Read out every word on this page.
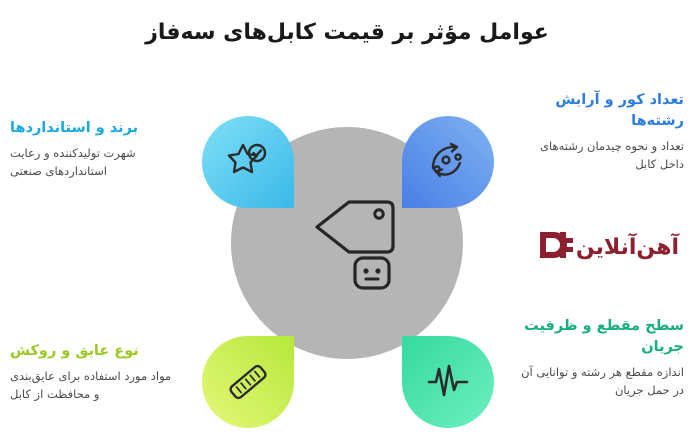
عوامل مؤثر بر قیمت کابل‌های سه‌فاز
تعداد کور و آرایش رشته‌ها
تعداد و نحوه چیدمان رشته‌های داخل کابل
سطح مقطع و ظرفیت جریان
اندازه مقطع هر رشته و توانایی آن در حمل جریان
برند و استانداردها
شهرت تولیدکننده و رعایت استانداردهای صنعتی
نوع عایق و روکش
مواد مورد استفاده برای عایق‌بندی و محافظت از کابل
آهن‌آنلاین
